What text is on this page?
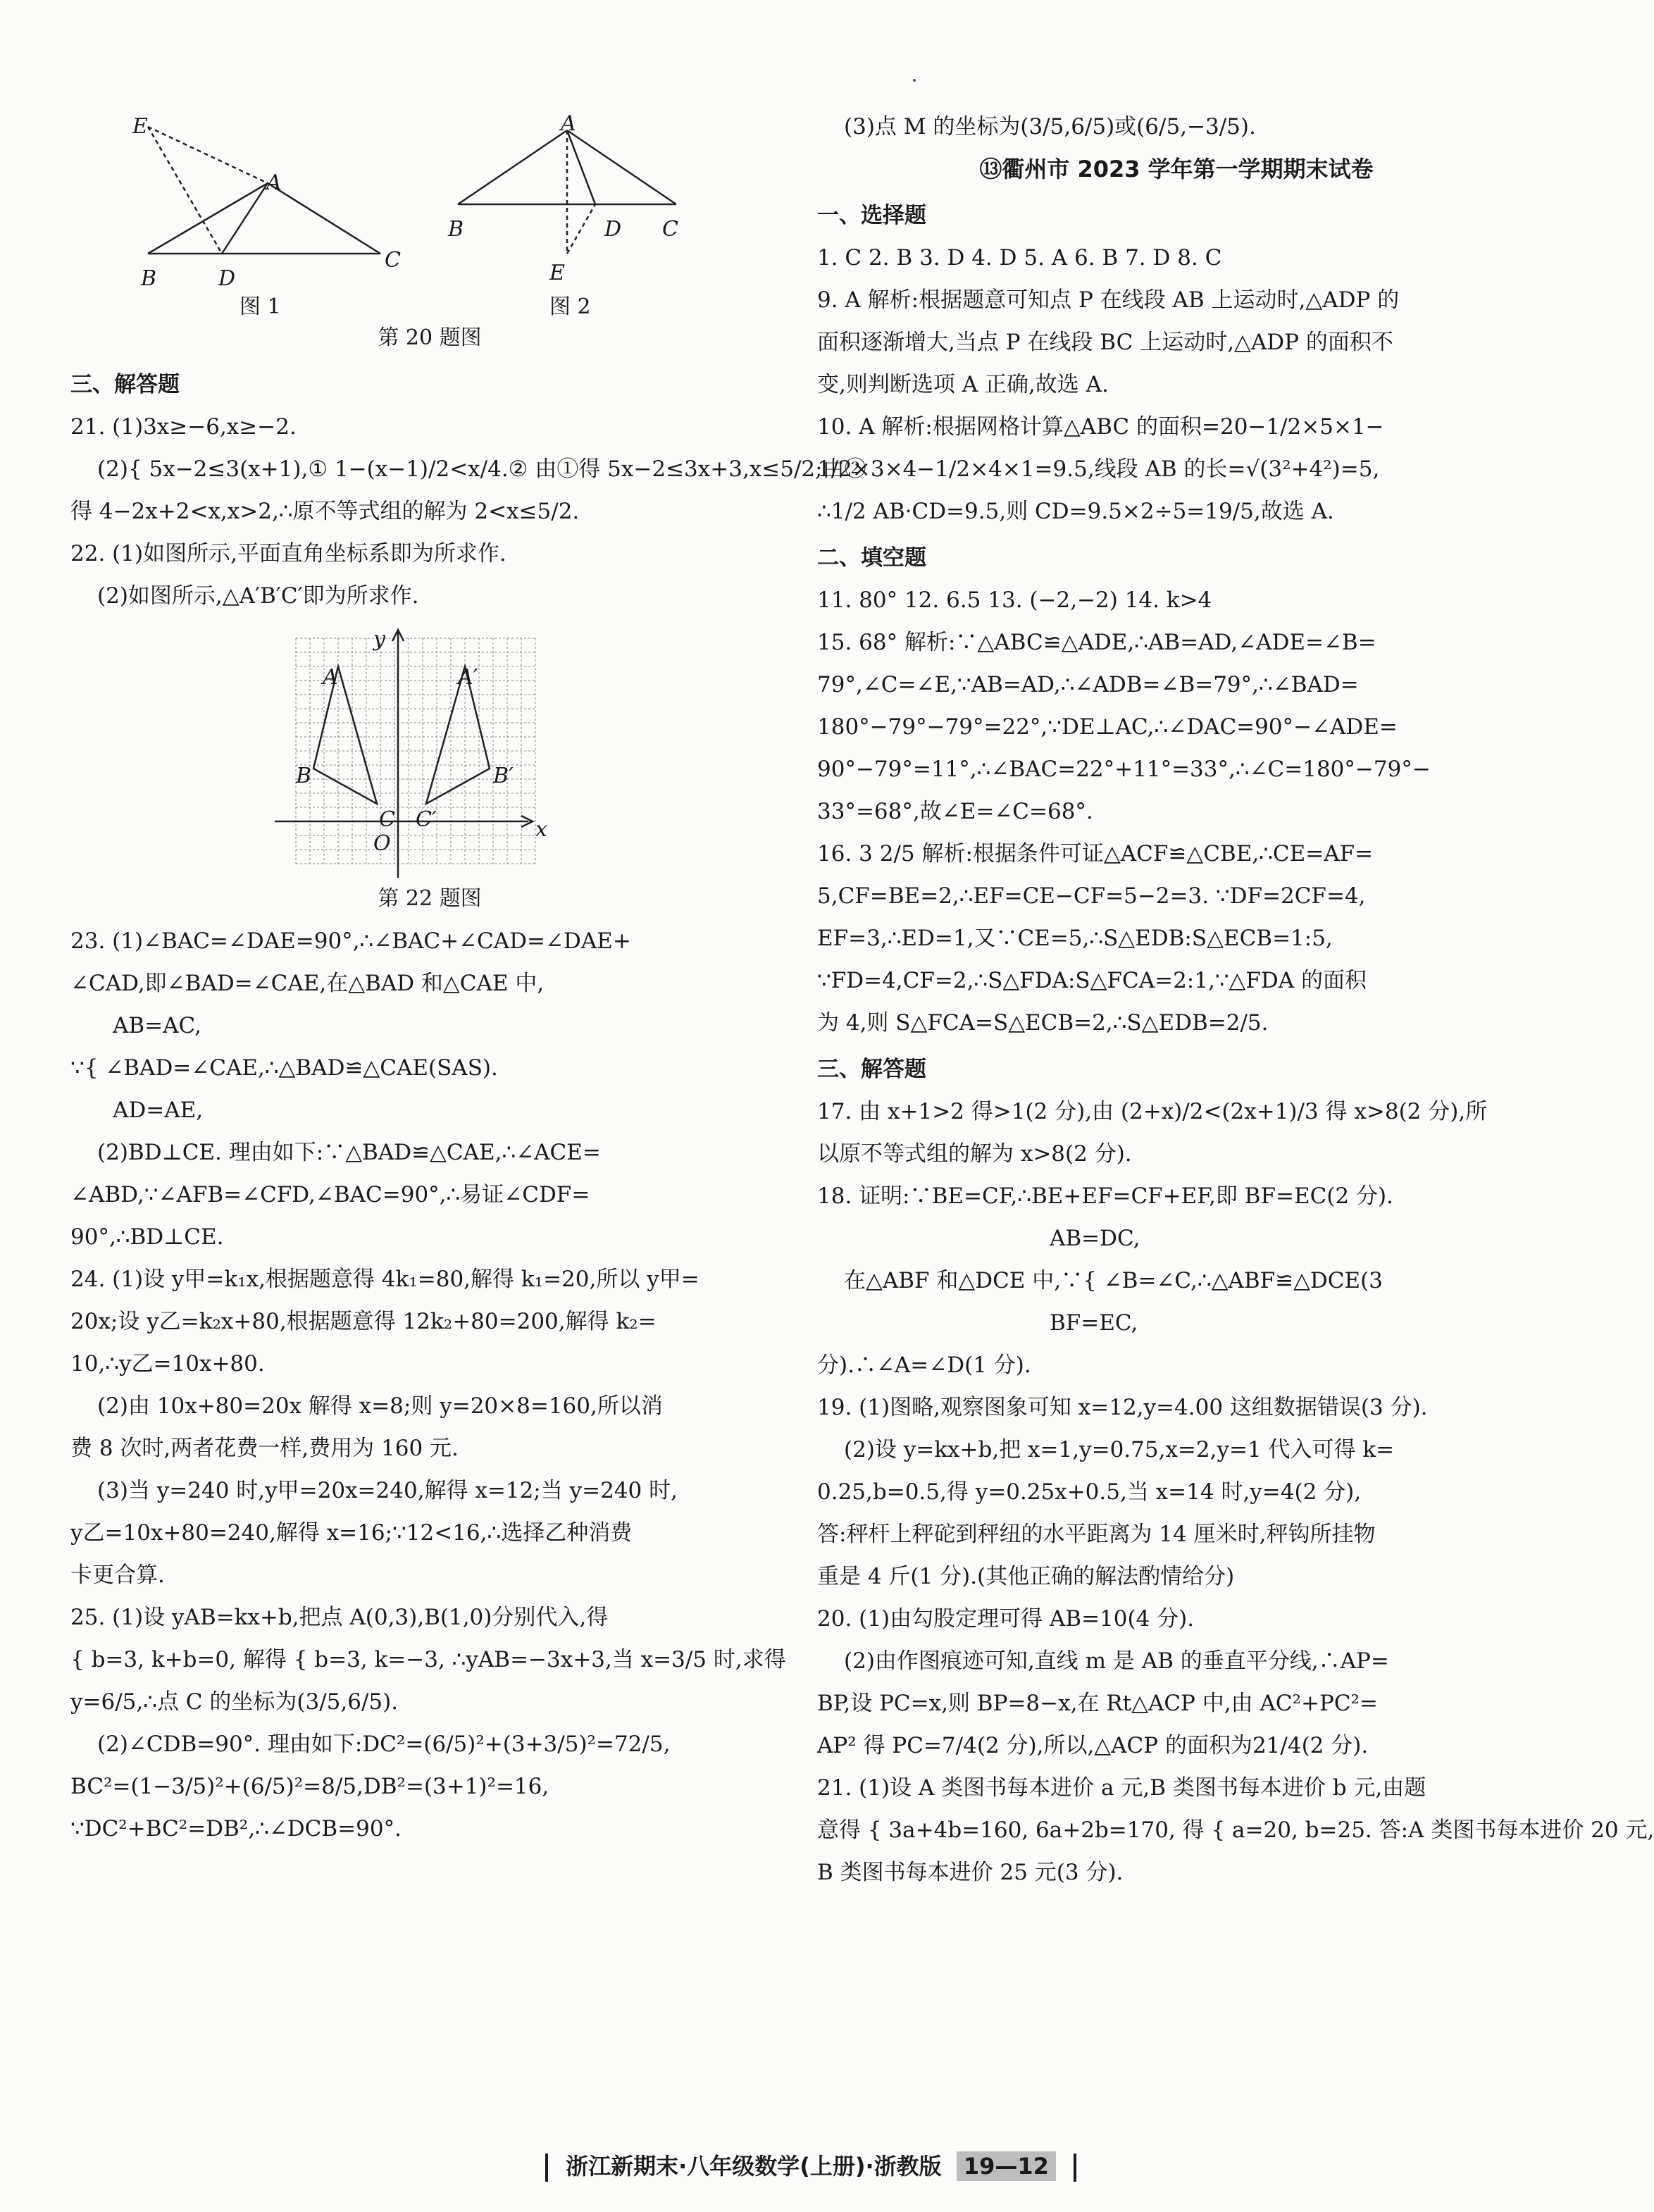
E
A
B	D
C
A
B	D C
E
图 1	图 2
第 20 题图
三、解答题
21. (1)3x≥−6,x≥−2.
(2){ 5x−2≤3(x+1),① 1−(x−1)/2<x/4.② 由①得 5x−2≤3x+3,x≤5/2;由②
得 4−2x+2<x,x>2,∴原不等式组的解为 2<x≤5/2.
22. (1)如图所示,平面直角坐标系即为所求作.
(2)如图所示,△A′B′C′即为所求作.
y
x
O
A
B
C
A′
B′
C′
第 22 题图
23. (1)∠BAC=∠DAE=90°,∴∠BAC+∠CAD=∠DAE+
∠CAD,即∠BAD=∠CAE,在△BAD 和△CAE 中,
AB=AC,
∵{ ∠BAD=∠CAE,∴△BAD≌△CAE(SAS).
AD=AE,
(2)BD⊥CE. 理由如下:∵△BAD≌△CAE,∴∠ACE=
∠ABD,∵∠AFB=∠CFD,∠BAC=90°,∴易证∠CDF=
90°,∴BD⊥CE.
24. (1)设 y甲=k₁x,根据题意得 4k₁=80,解得 k₁=20,所以 y甲=
20x;设 y乙=k₂x+80,根据题意得 12k₂+80=200,解得 k₂=
10,∴y乙=10x+80.
(2)由 10x+80=20x 解得 x=8;则 y=20×8=160,所以消
费 8 次时,两者花费一样,费用为 160 元.
(3)当 y=240 时,y甲=20x=240,解得 x=12;当 y=240 时,
y乙=10x+80=240,解得 x=16;∵12<16,∴选择乙种消费
卡更合算.
25. (1)设 yAB=kx+b,把点 A(0,3),B(1,0)分别代入,得
{ b=3, k+b=0, 解得 { b=3, k=−3, ∴yAB=−3x+3,当 x=3/5 时,求得
y=6/5,∴点 C 的坐标为(3/5,6/5).
(2)∠CDB=90°. 理由如下:DC²=(6/5)²+(3+3/5)²=72/5,
BC²=(1−3/5)²+(6/5)²=8/5,DB²=(3+1)²=16,
∵DC²+BC²=DB²,∴∠DCB=90°.
(3)点 M 的坐标为(3/5,6/5)或(6/5,−3/5).
⑬衢州市 2023 学年第一学期期末试卷
一、选择题
1. C 2. B 3. D 4. D 5. A 6. B 7. D 8. C
9. A 解析:根据题意可知点 P 在线段 AB 上运动时,△ADP 的
面积逐渐增大,当点 P 在线段 BC 上运动时,△ADP 的面积不
变,则判断选项 A 正确,故选 A.
10. A 解析:根据网格计算△ABC 的面积=20−1/2×5×1−
1/2×3×4−1/2×4×1=9.5,线段 AB 的长=√(3²+4²)=5,
∴1/2 AB·CD=9.5,则 CD=9.5×2÷5=19/5,故选 A.
二、填空题
11. 80° 12. 6.5 13. (−2,−2) 14. k>4
15. 68° 解析:∵△ABC≌△ADE,∴AB=AD,∠ADE=∠B=
79°,∠C=∠E,∵AB=AD,∴∠ADB=∠B=79°,∴∠BAD=
180°−79°−79°=22°,∵DE⊥AC,∴∠DAC=90°−∠ADE=
90°−79°=11°,∴∠BAC=22°+11°=33°,∴∠C=180°−79°−
33°=68°,故∠E=∠C=68°.
16. 3 2/5 解析:根据条件可证△ACF≌△CBE,∴CE=AF=
5,CF=BE=2,∴EF=CE−CF=5−2=3. ∵DF=2CF=4,
EF=3,∴ED=1,又∵CE=5,∴S△EDB:S△ECB=1:5,
∵FD=4,CF=2,∴S△FDA:S△FCA=2:1,∵△FDA 的面积
为 4,则 S△FCA=S△ECB=2,∴S△EDB=2/5.
三、解答题
17. 由 x+1>2 得>1(2 分),由 (2+x)/2<(2x+1)/3 得 x>8(2 分),所
以原不等式组的解为 x>8(2 分).
18. 证明:∵BE=CF,∴BE+EF=CF+EF,即 BF=EC(2 分).
AB=DC,
在△ABF 和△DCE 中,∵{ ∠B=∠C,∴△ABF≌△DCE(3
BF=EC,
分).∴∠A=∠D(1 分).
19. (1)图略,观察图象可知 x=12,y=4.00 这组数据错误(3 分).
(2)设 y=kx+b,把 x=1,y=0.75,x=2,y=1 代入可得 k=
0.25,b=0.5,得 y=0.25x+0.5,当 x=14 时,y=4(2 分),
答:秤杆上秤砣到秤纽的水平距离为 14 厘米时,秤钩所挂物
重是 4 斤(1 分).(其他正确的解法酌情给分)
20. (1)由勾股定理可得 AB=10(4 分).
(2)由作图痕迹可知,直线 m 是 AB 的垂直平分线,∴AP=
BP,设 PC=x,则 BP=8−x,在 Rt△ACP 中,由 AC²+PC²=
AP² 得 PC=7/4(2 分),所以,△ACP 的面积为21/4(2 分).
21. (1)设 A 类图书每本进价 a 元,B 类图书每本进价 b 元,由题
意得 { 3a+4b=160, 6a+2b=170, 得 { a=20, b=25. 答:A 类图书每本进价 20 元,
B 类图书每本进价 25 元(3 分).
浙江新期末·八年级数学(上册)·浙教版 19—12
